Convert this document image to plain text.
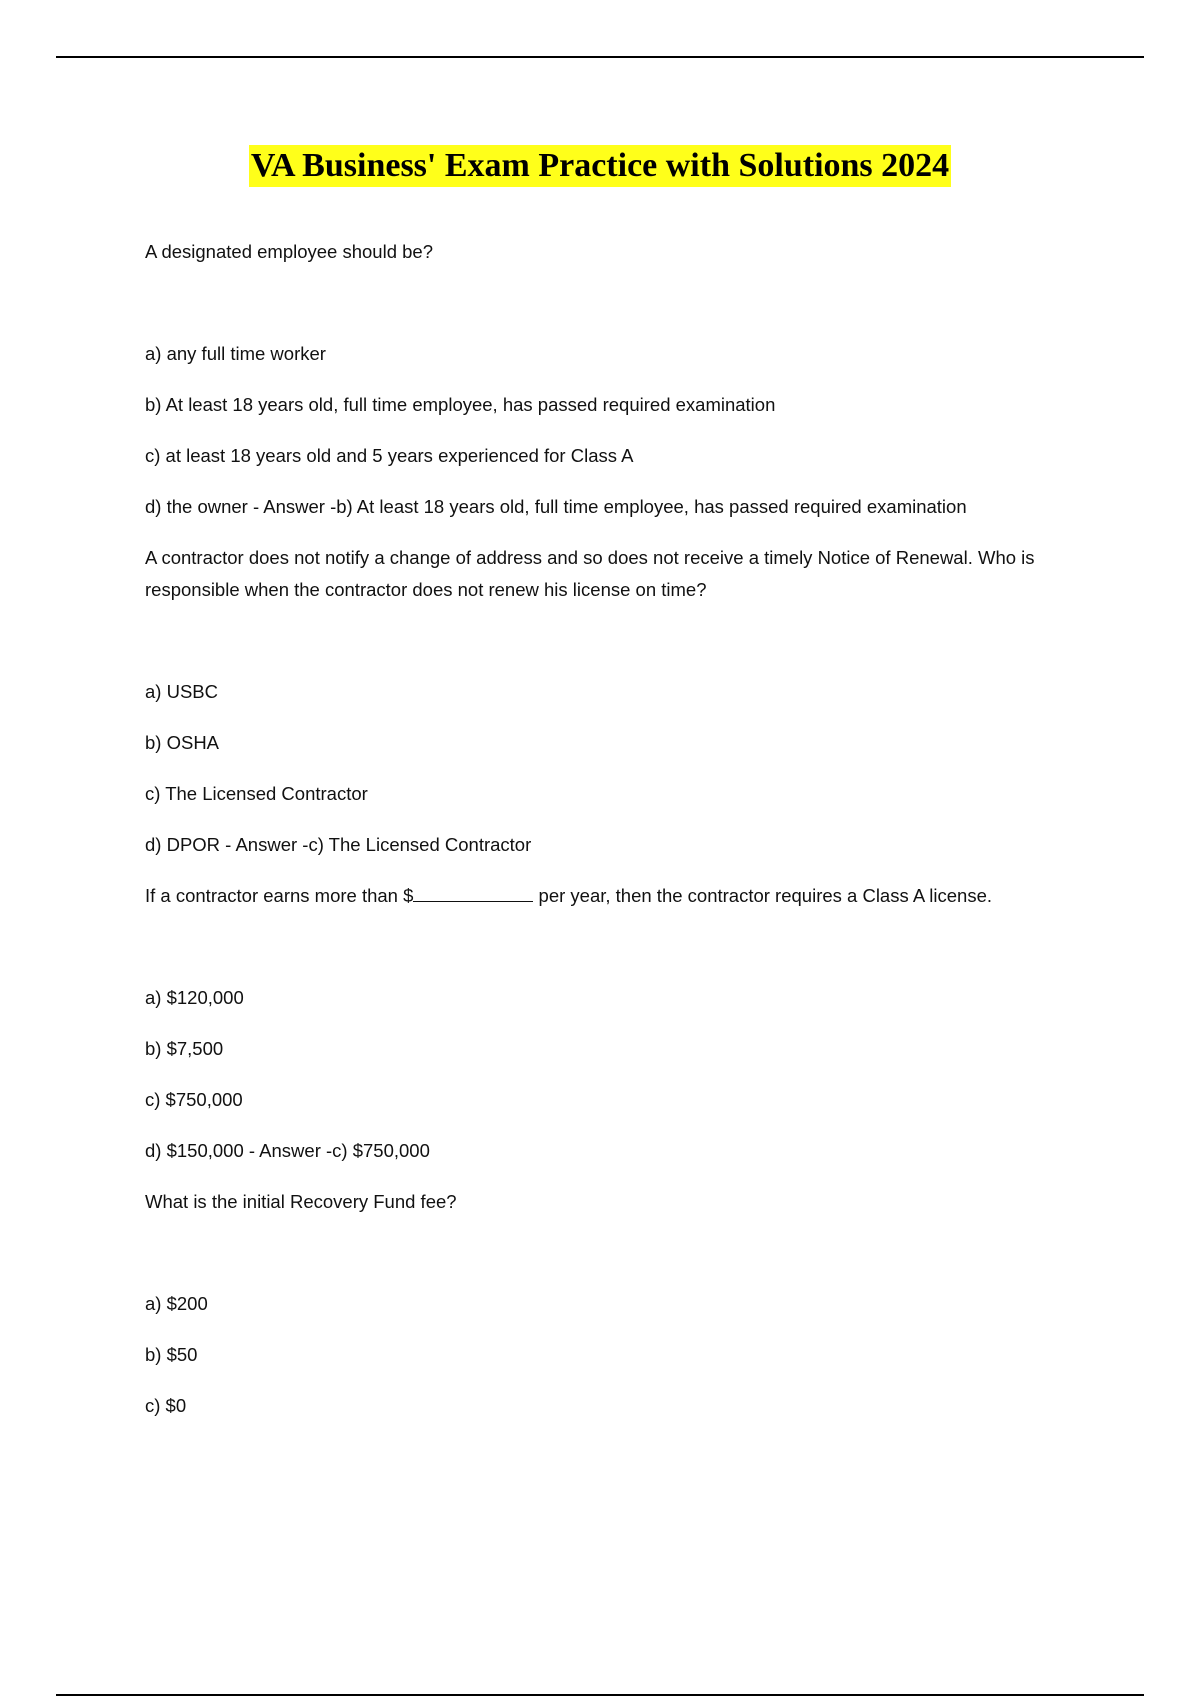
VA Business' Exam Practice with Solutions 2024

A designated employee should be?

a) any full time worker

b) At least 18 years old, full time employee, has passed required examination

c) at least 18 years old and 5 years experienced for Class A

d) the owner - Answer -b) At least 18 years old, full time employee, has passed required examination

A contractor does not notify a change of address and so does not receive a timely Notice of Renewal. Who is responsible when the contractor does not renew his license on time?

a) USBC

b) OSHA

c) The Licensed Contractor

d) DPOR - Answer -c) The Licensed Contractor

If a contractor earns more than $	per year, then the contractor requires a Class A license.

a) $120,000

b) $7,500

c) $750,000

d) $150,000 - Answer -c) $750,000

What is the initial Recovery Fund fee?

a) $200

b) $50

c) $0
